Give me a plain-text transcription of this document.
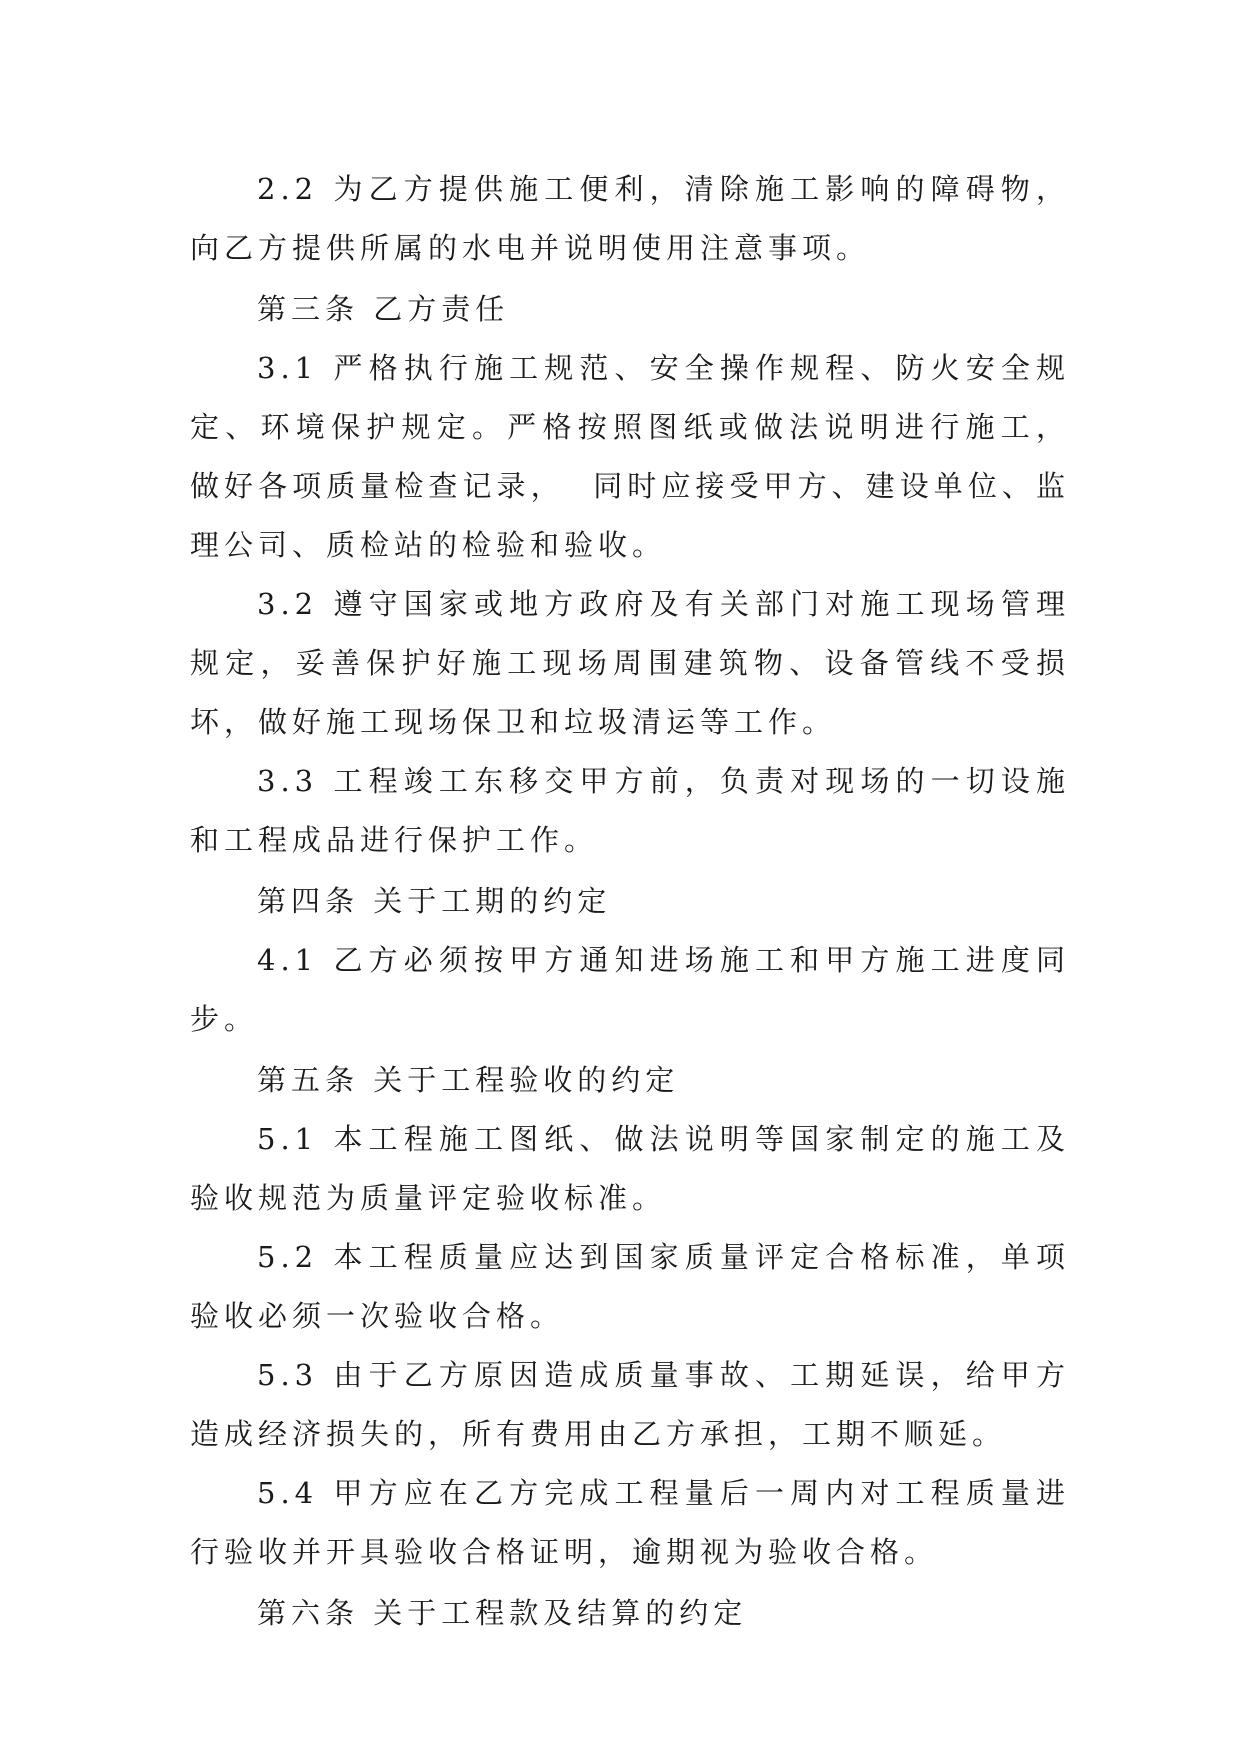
2.2 为乙方提供施工便利，清除施工影响的障碍物，向乙方提供所属的水电并说明使用注意事项。

第三条 乙方责任

3.1 严格执行施工规范、安全操作规程、防火安全规定、环境保护规定。严格按照图纸或做法说明进行施工，做好各项质量检查记录，  同时应接受甲方、建设单位、监理公司、质检站的检验和验收。

3.2 遵守国家或地方政府及有关部门对施工现场管理规定，妥善保护好施工现场周围建筑物、设备管线不受损坏，做好施工现场保卫和垃圾清运等工作。

3.3 工程竣工东移交甲方前，负责对现场的一切设施和工程成品进行保护工作。

第四条 关于工期的约定

4.1 乙方必须按甲方通知进场施工和甲方施工进度同步。

第五条 关于工程验收的约定

5.1 本工程施工图纸、做法说明等国家制定的施工及验收规范为质量评定验收标准。

5.2 本工程质量应达到国家质量评定合格标准，单项验收必须一次验收合格。

5.3 由于乙方原因造成质量事故、工期延误，给甲方造成经济损失的，所有费用由乙方承担，工期不顺延。

5.4 甲方应在乙方完成工程量后一周内对工程质量进行验收并开具验收合格证明，逾期视为验收合格。

第六条 关于工程款及结算的约定
